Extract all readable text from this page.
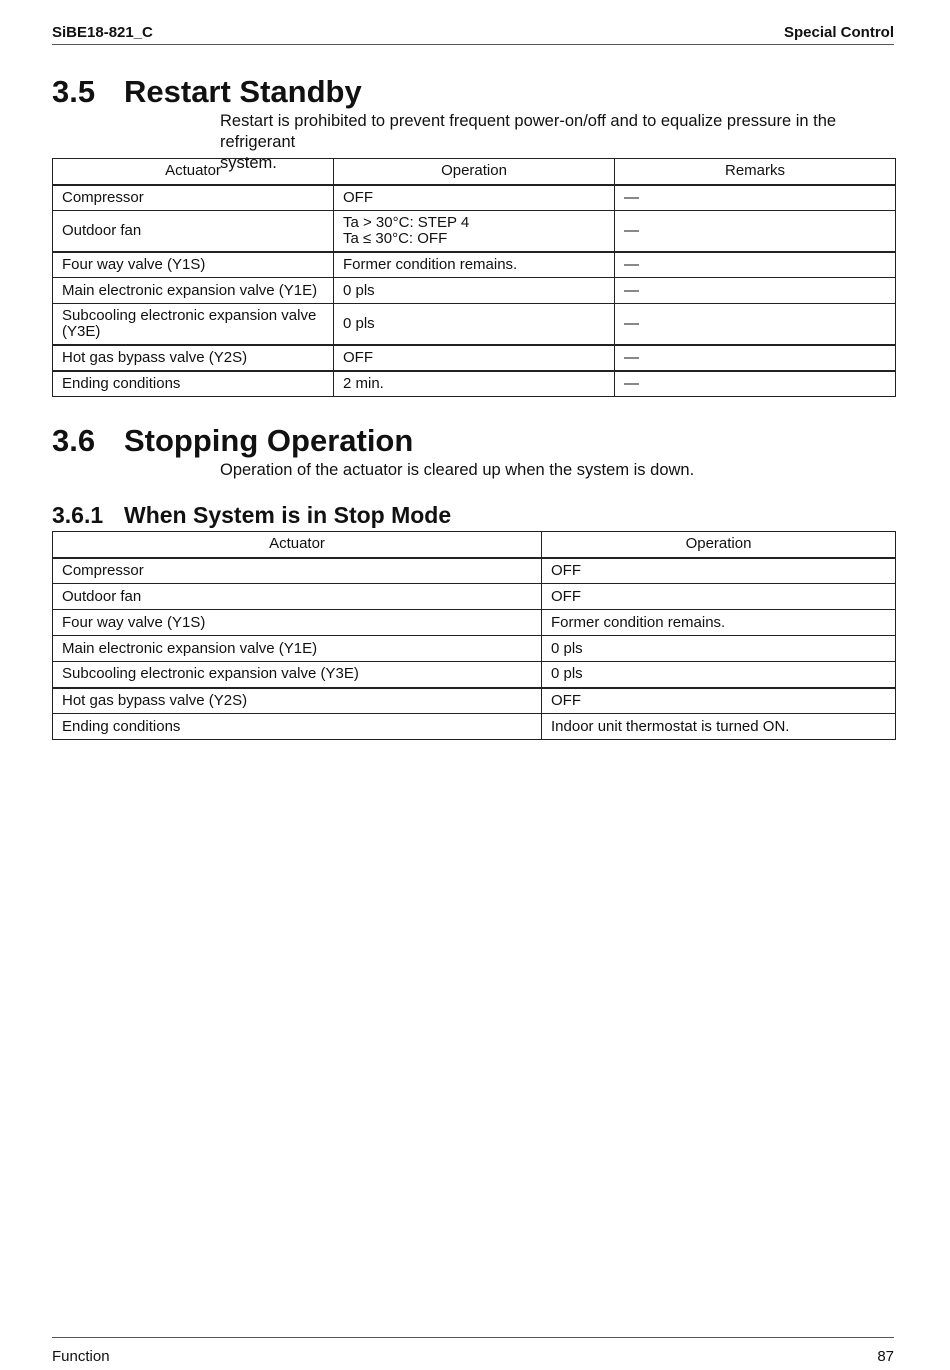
SiBE18-821_C	Special Control
3.5 Restart Standby
Restart is prohibited to prevent frequent power-on/off and to equalize pressure in the refrigerant
system.
Actuator	Operation	Remarks
Compressor	OFF	—
Outdoor fan	Ta > 30°C: STEP 4
Ta ≤ 30°C: OFF	—
Four way valve (Y1S)	Former condition remains.	—
Main electronic expansion valve (Y1E)	0 pls	—
Subcooling electronic expansion valve
(Y3E)	0 pls	—
Hot gas bypass valve (Y2S)	OFF	—
Ending conditions	2 min.	—
3.6 Stopping Operation
Operation of the actuator is cleared up when the system is down.
3.6.1 When System is in Stop Mode
Actuator	Operation
Compressor	OFF
Outdoor fan	OFF
Four way valve (Y1S)	Former condition remains.
Main electronic expansion valve (Y1E)	0 pls
Subcooling electronic expansion valve (Y3E)	0 pls
Hot gas bypass valve (Y2S)	OFF
Ending conditions	Indoor unit thermostat is turned ON.
Function	87
